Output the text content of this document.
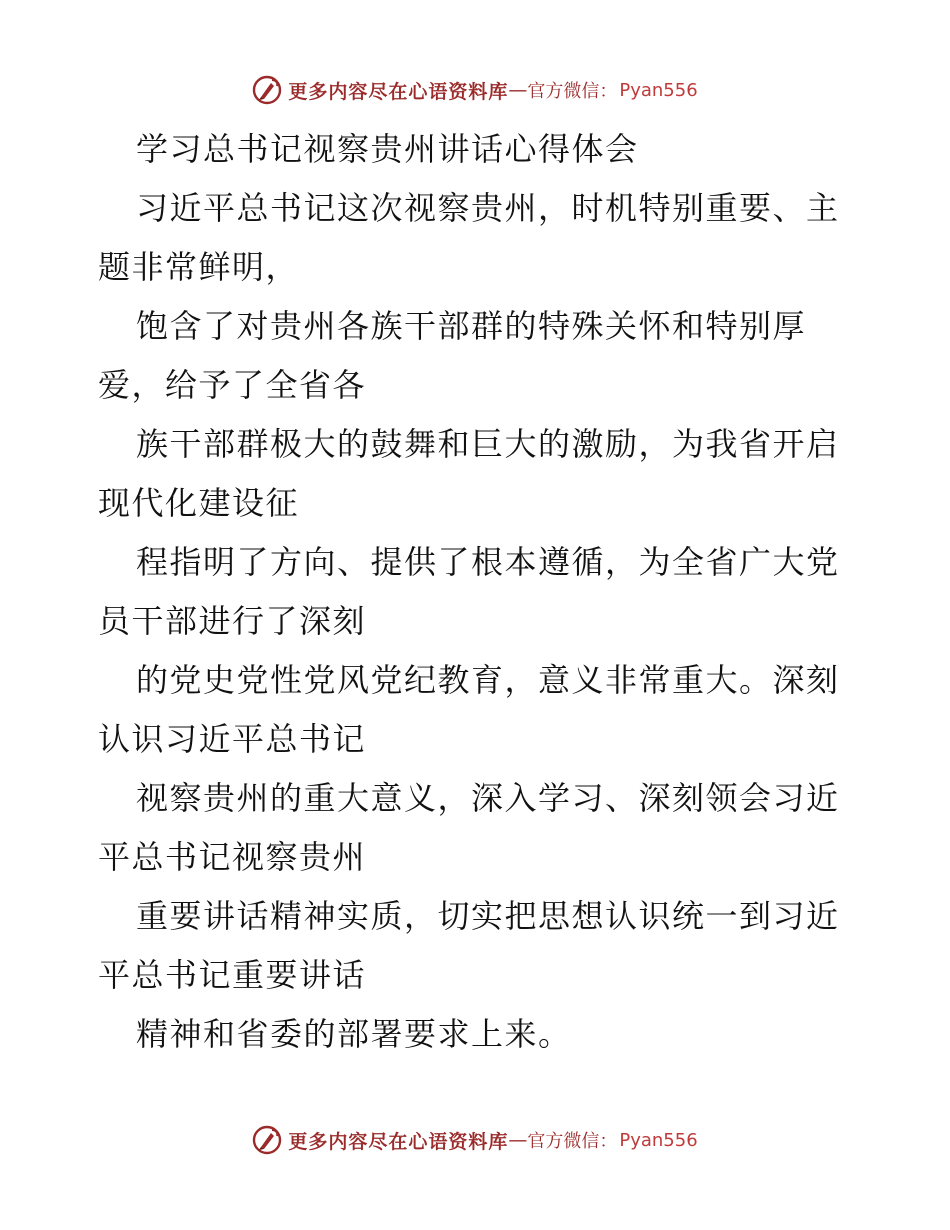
更多内容尽在心语资料库 — 官方微信： Pyan556
学习总书记视察贵州讲话心得体会
习近平总书记这次视察贵州，时机特别重要、主
题非常鲜明，
饱含了对贵州各族干部群的特殊关怀和特别厚
爱，给予了全省各
族干部群极大的鼓舞和巨大的激励，为我省开启
现代化建设征
程指明了方向、提供了根本遵循，为全省广大党
员干部进行了深刻
的党史党性党风党纪教育，意义非常重大。深刻
认识习近平总书记
视察贵州的重大意义，深入学习、深刻领会习近
平总书记视察贵州
重要讲话精神实质，切实把思想认识统一到习近
平总书记重要讲话
精神和省委的部署要求上来。
更多内容尽在心语资料库 — 官方微信： Pyan556
